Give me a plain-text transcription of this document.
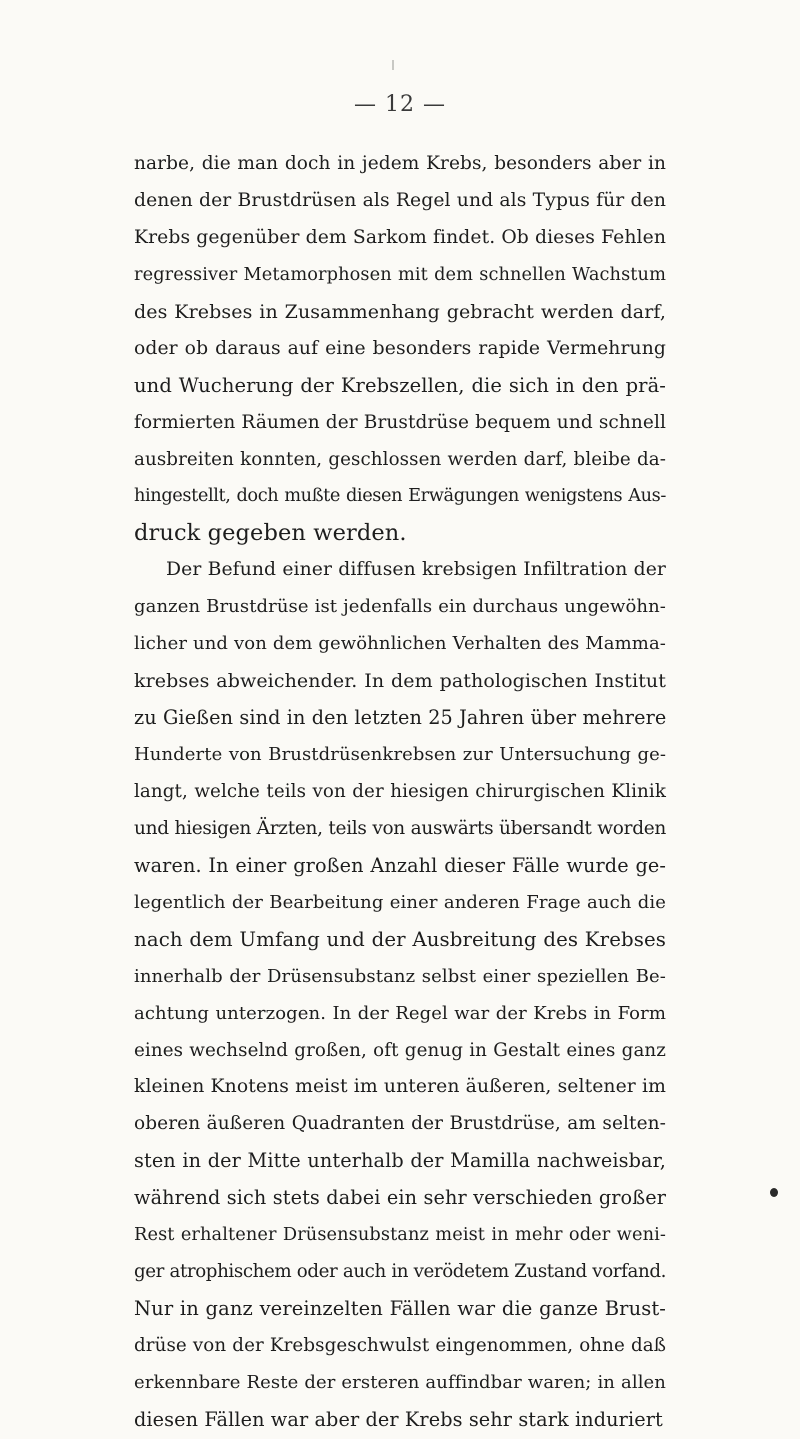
— 12 —
narbe, die man doch in jedem Krebs, besonders aber in
denen der Brustdrüsen als Regel und als Typus für den
Krebs gegenüber dem Sarkom findet. Ob dieses Fehlen
regressiver Metamorphosen mit dem schnellen Wachstum
des Krebses in Zusammenhang gebracht werden darf,
oder ob daraus auf eine besonders rapide Vermehrung
und Wucherung der Krebszellen, die sich in den prä-
formierten Räumen der Brustdrüse bequem und schnell
ausbreiten konnten, geschlossen werden darf, bleibe da-
hingestellt, doch mußte diesen Erwägungen wenigstens Aus-
druck gegeben werden.
Der Befund einer diffusen krebsigen Infiltration der
ganzen Brustdrüse ist jedenfalls ein durchaus ungewöhn-
licher und von dem gewöhnlichen Verhalten des Mamma-
krebses abweichender. In dem pathologischen Institut
zu Gießen sind in den letzten 25 Jahren über mehrere
Hunderte von Brustdrüsenkrebsen zur Untersuchung ge-
langt, welche teils von der hiesigen chirurgischen Klinik
und hiesigen Ärzten, teils von auswärts übersandt worden
waren. In einer großen Anzahl dieser Fälle wurde ge-
legentlich der Bearbeitung einer anderen Frage auch die
nach dem Umfang und der Ausbreitung des Krebses
innerhalb der Drüsensubstanz selbst einer speziellen Be-
achtung unterzogen. In der Regel war der Krebs in Form
eines wechselnd großen, oft genug in Gestalt eines ganz
kleinen Knotens meist im unteren äußeren, seltener im
oberen äußeren Quadranten der Brustdrüse, am selten-
sten in der Mitte unterhalb der Mamilla nachweisbar,
während sich stets dabei ein sehr verschieden großer
Rest erhaltener Drüsensubstanz meist in mehr oder weni-
ger atrophischem oder auch in verödetem Zustand vorfand.
Nur in ganz vereinzelten Fällen war die ganze Brust-
drüse von der Krebsgeschwulst eingenommen, ohne daß
erkennbare Reste der ersteren auffindbar waren; in allen
diesen Fällen war aber der Krebs sehr stark induriert
